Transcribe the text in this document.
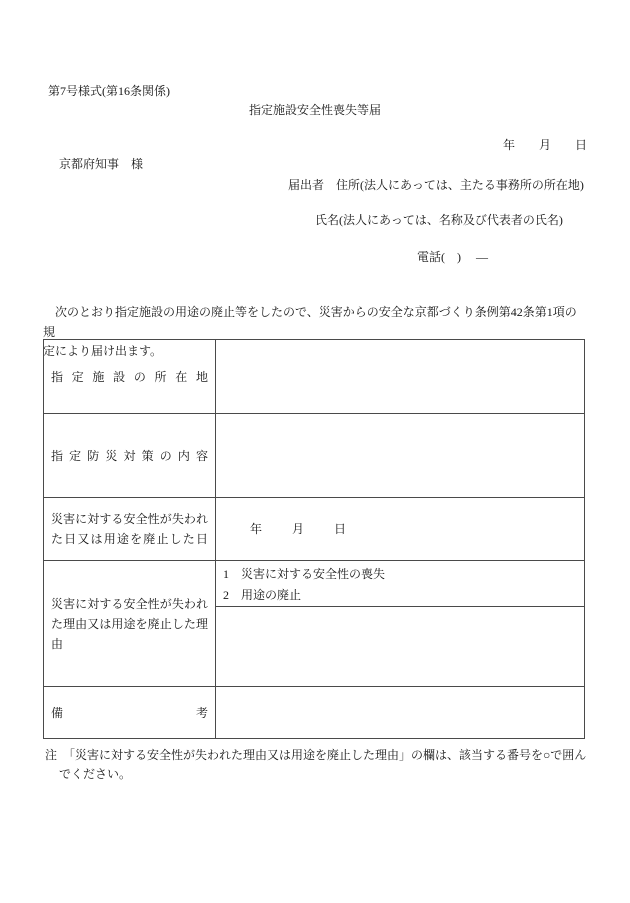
第7号様式(第16条関係)
指定施設安全性喪失等届
年　　月　　日
京都府知事　様
届出者　住所(法人にあっては、主たる事務所の所在地)
氏名(法人にあっては、名称及び代表者の氏名)
電話(　)　 ―
　次のとおり指定施設の用途の廃止等をしたので、災害からの安全な京都づくり条例第42条第1項の規
定により届け出ます。
指定施設の所在地	

指定防災対策の内容	

災害に対する安全性が失われた日又は用途を廃止した日	年　　月　　日

災害に対する安全性が失われた理由又は用途を廃止した理由	1　災害に対する安全性の喪失
2　用途の廃止

備考	

注　「災害に対する安全性が失われた理由又は用途を廃止した理由」の欄は、該当する番号を○で囲ん
でください。
